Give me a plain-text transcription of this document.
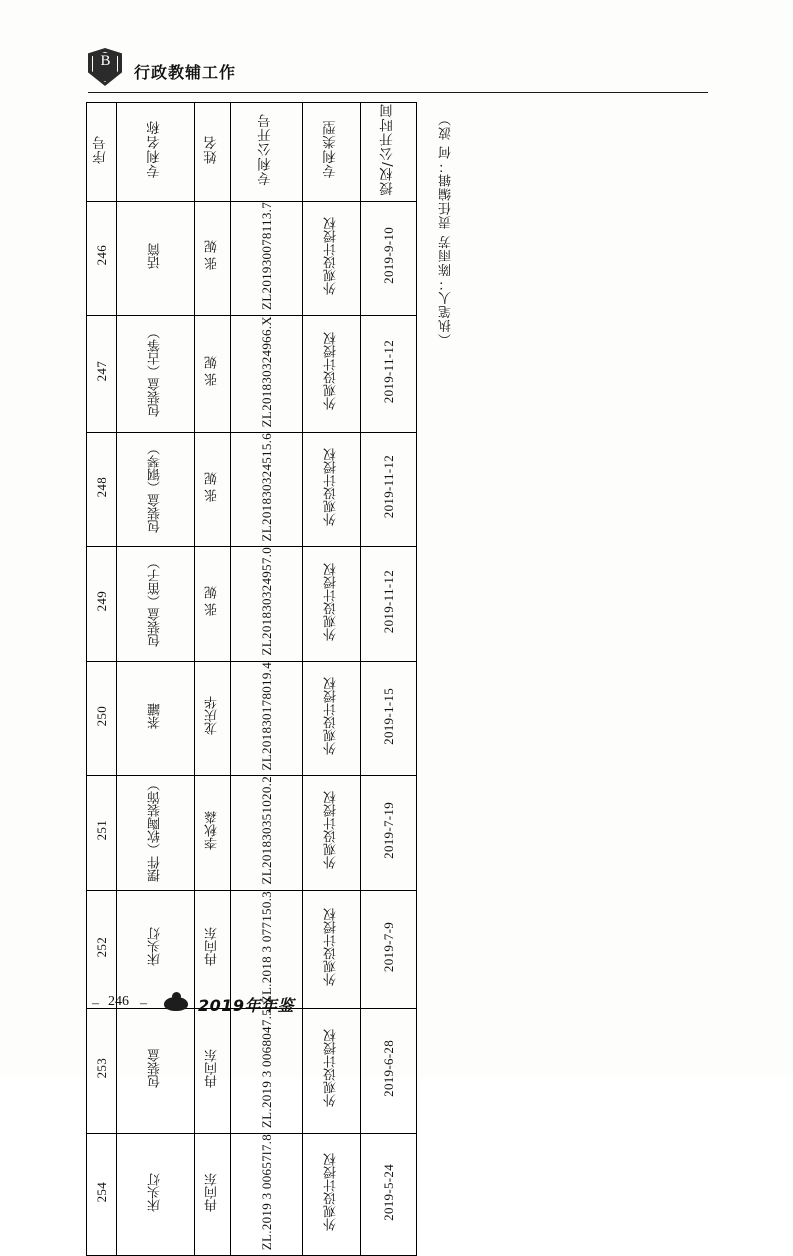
B
行政教辅工作
序号	专利名称	姓名	专利公开号	专利类型	授权/公开时间
246	话筒	张 妮	ZL201930078113.7	外观设计授权	2019-9-10
247	包装盒（古筝）	张 妮	ZL201830324966.X	外观设计授权	2019-11-12
248	包装盒（钢琴）	张 妮	ZL201830324515.6	外观设计授权	2019-11-12
249	包装盒（笛子）	张 妮	ZL201830324957.0	外观设计授权	2019-11-12
250	茶罐	龙庆华	ZL201830178019.4	外观设计授权	2019-1-15
251	摆件（软陶装饰）	李秋淼	ZL201830351020.2	外观设计授权	2019-7-19
252	床头灯	冉向东	ZL.2018 3 077150.3	外观设计授权	2019-7-9
253	包装盒	冉向东	ZL.2019 3 0068047.5	外观设计授权	2019-6-28
254	床头灯	冉向东	ZL.2019 3 00657l7.8	外观设计授权	2019-5-24
（执笔人：陈雨芳 责任编辑：何 波）
– 246 –	2019年年鉴
